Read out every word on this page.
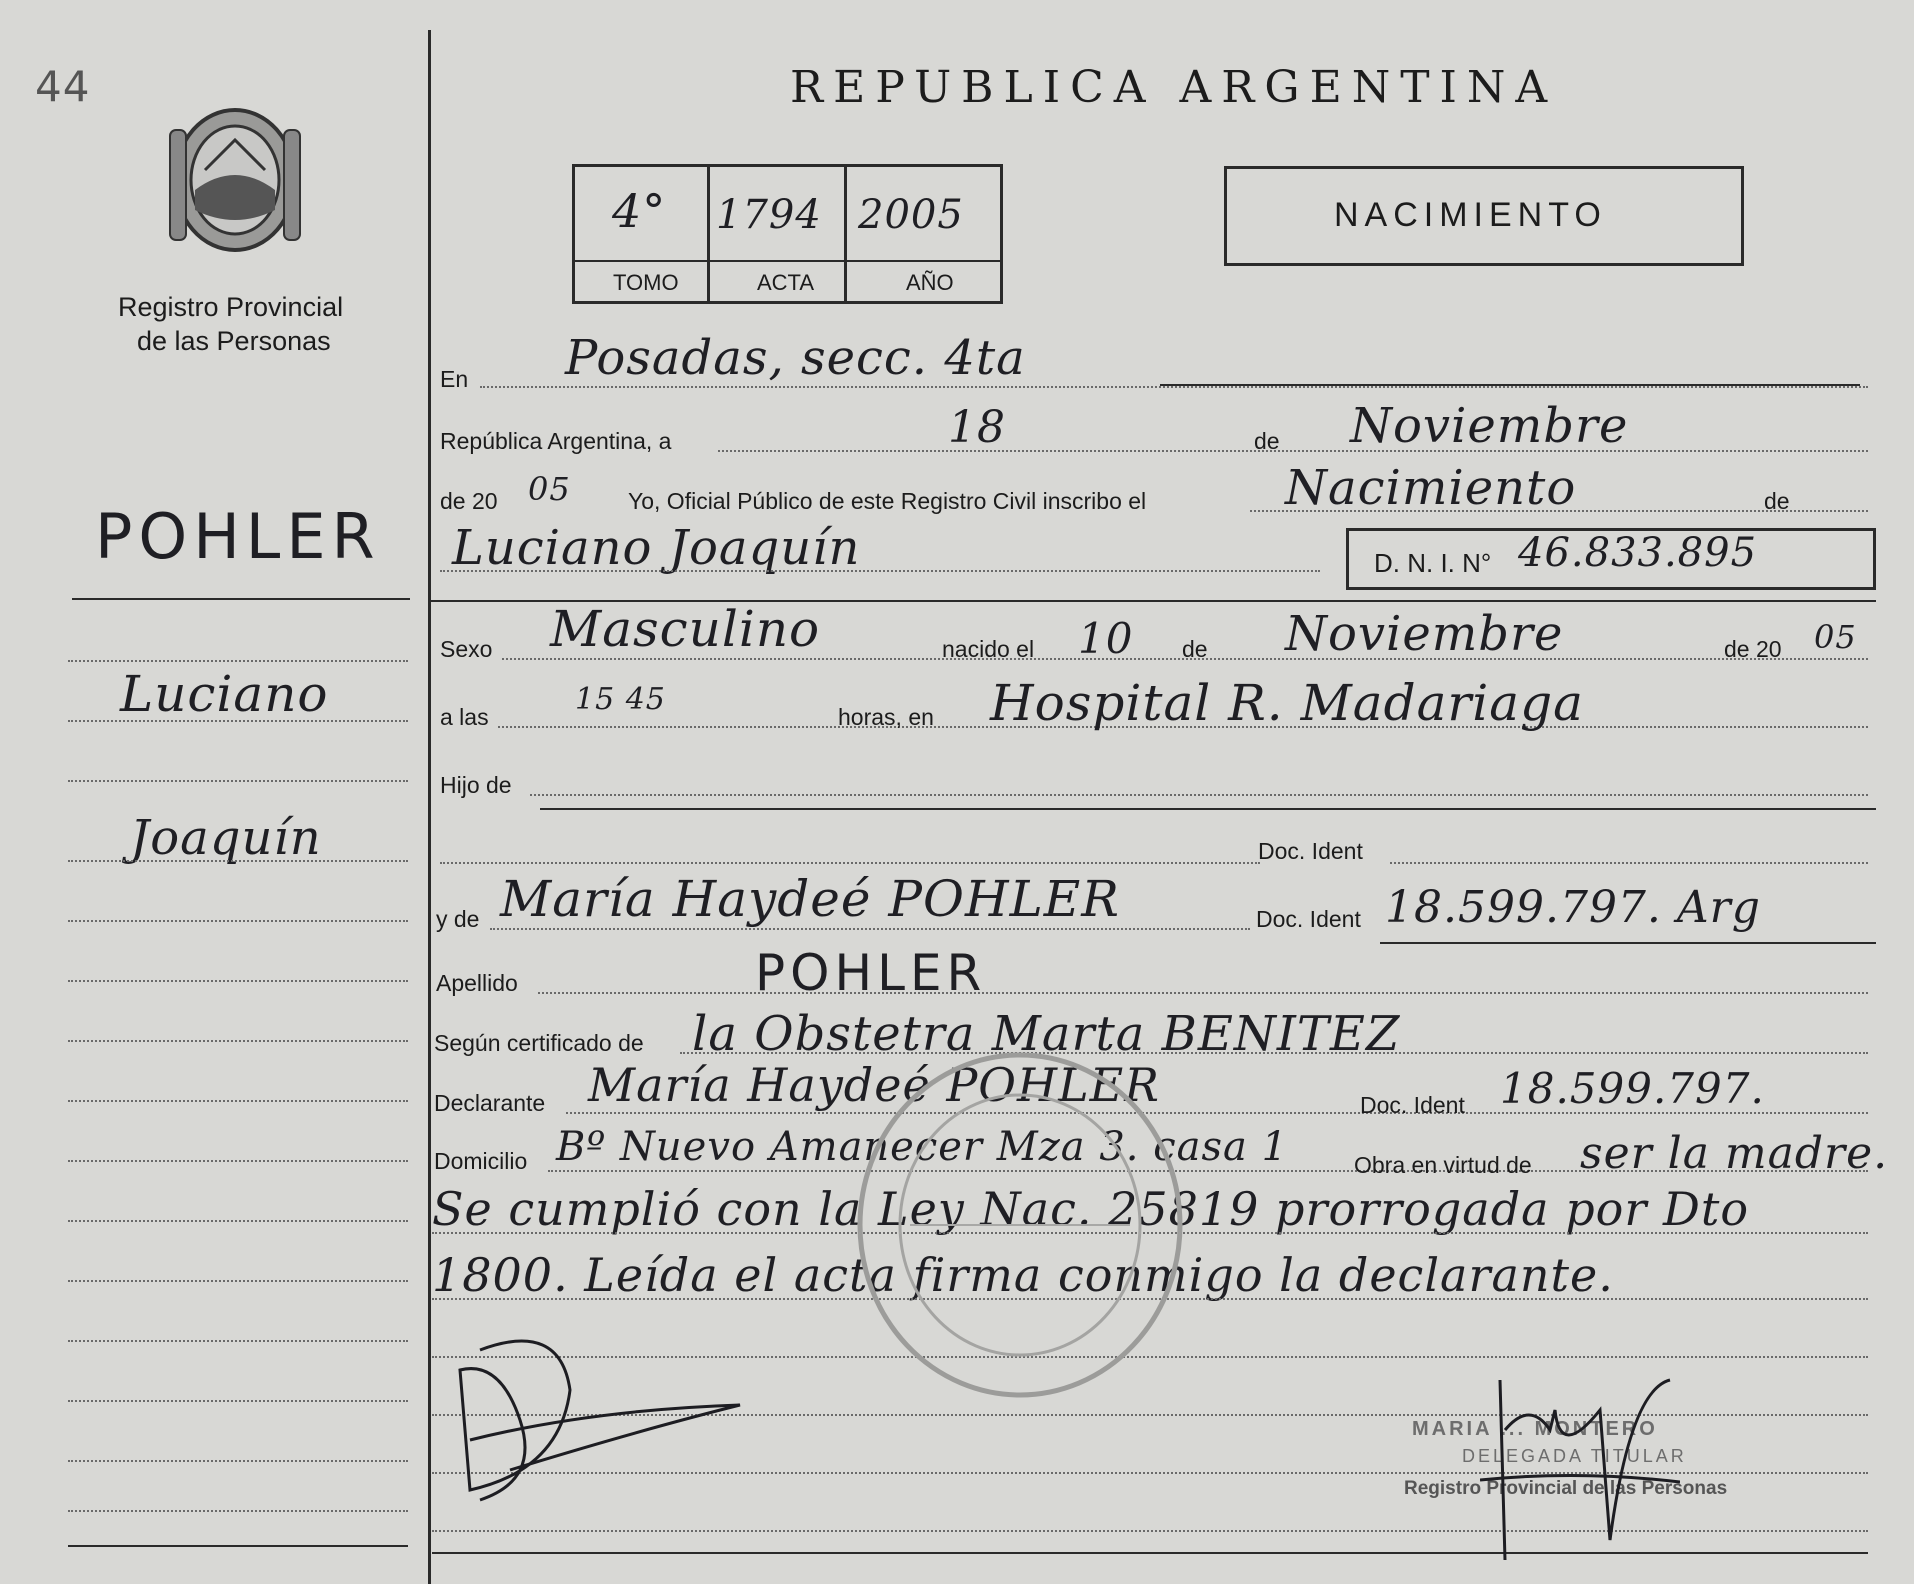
44
Registro Provincial
de las Personas
POHLER
Luciano
Joaquín
REPUBLICA ARGENTINA
4° 1794 2005
TOMO	ACTA	AÑO
NACIMIENTO
En Posadas, secc. 4ta
República Argentina, a	18	de Noviembre
de 20 05 Yo, Oficial Público de este Registro Civil inscribo el	Nacimiento	de
Luciano Joaquín	D. N. I. N° 46.833.895
Sexo Masculino	nacido el 10 de Noviembre	de 20 05
a las	15 45	horas, en Hospital R. Madariaga
Hijo de
Doc. Ident
y de María Haydeé POHLER	Doc. Ident 18.599.797. Arg
Apellido	POHLER
Según certificado de la Obstetra Marta BENITEZ
Declarante María Haydeé POHLER	Doc. Ident 18.599.797.
Domicilio Bº Nuevo Amanecer Mza 3. casa 1	Obra en virtud de ser la madre.
Se cumplió con la Ley Nac. 25819 prorrogada por Dto
1800. Leída el acta firma conmigo la declarante.
MARIA ... MONTERO
DELEGADA TITULAR
Registro Provincial de las Personas
